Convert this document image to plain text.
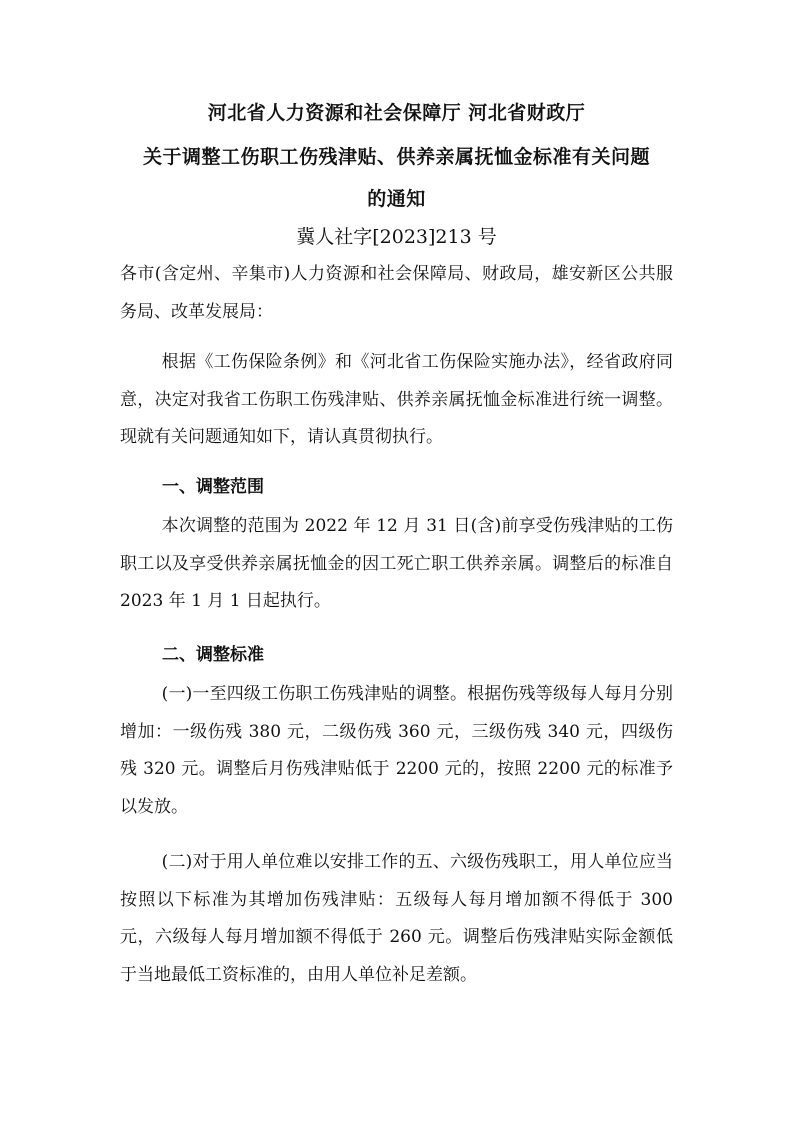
河北省人力资源和社会保障厅 河北省财政厅
关于调整工伤职工伤残津贴、供养亲属抚恤金标准有关问题
的通知
冀人社字[2023]213 号

各市(含定州、辛集市)人力资源和社会保障局、财政局，雄安新区公共服务局、改革发展局：

根据《工伤保险条例》和《河北省工伤保险实施办法》，经省政府同意，决定对我省工伤职工伤残津贴、供养亲属抚恤金标准进行统一调整。现就有关问题通知如下，请认真贯彻执行。

一、调整范围

本次调整的范围为 2022 年 12 月 31 日(含)前享受伤残津贴的工伤职工以及享受供养亲属抚恤金的因工死亡职工供养亲属。调整后的标准自 2023 年 1 月 1 日起执行。

二、调整标准

(一)一至四级工伤职工伤残津贴的调整。根据伤残等级每人每月分别增加：一级伤残 380 元，二级伤残 360 元，三级伤残 340 元，四级伤残 320 元。调整后月伤残津贴低于 2200 元的，按照 2200 元的标准予以发放。

(二)对于用人单位难以安排工作的五、六级伤残职工，用人单位应当按照以下标准为其增加伤残津贴：五级每人每月增加额不得低于 300 元，六级每人每月增加额不得低于 260 元。调整后伤残津贴实际金额低于当地最低工资标准的，由用人单位补足差额。
